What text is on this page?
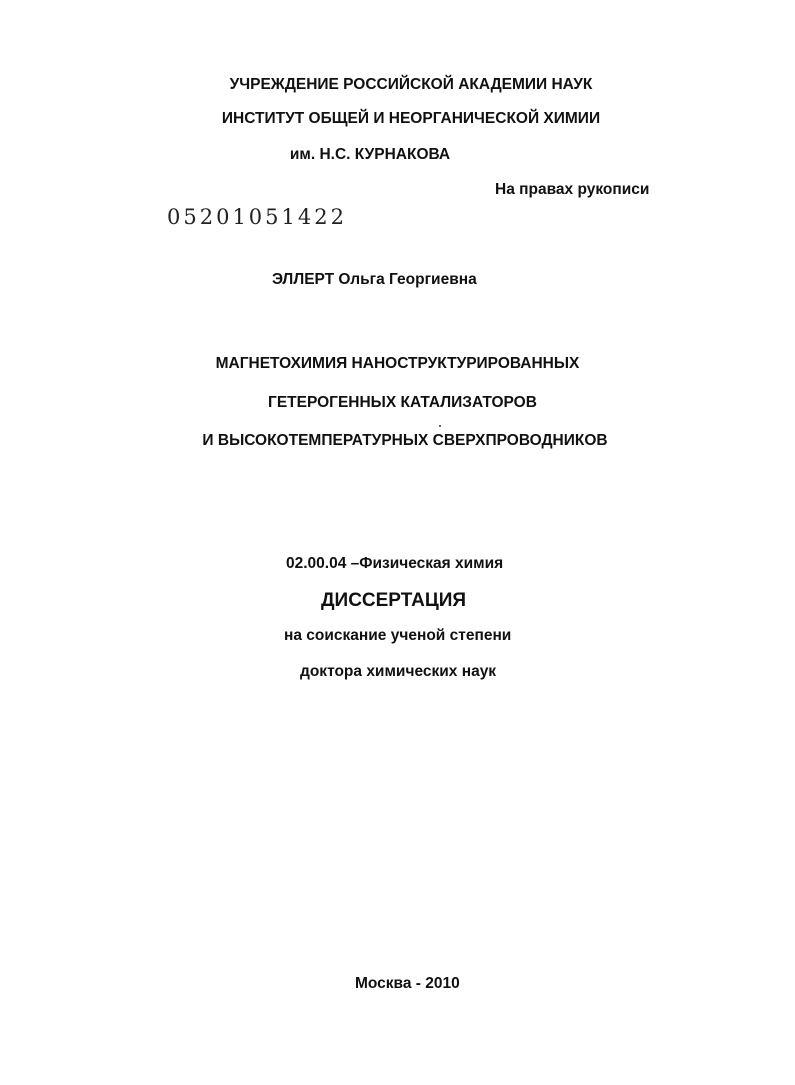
УЧРЕЖДЕНИЕ РОССИЙСКОЙ АКАДЕМИИ НАУК
ИНСТИТУТ ОБЩЕЙ И НЕОРГАНИЧЕСКОЙ ХИМИИ
им. Н.С. КУРНАКОВА
На правах рукописи
05201051422
ЭЛЛЕРТ Ольга Георгиевна
МАГНЕТОХИМИЯ НАНОСТРУКТУРИРОВАННЫХ
ГЕТЕРОГЕННЫХ КАТАЛИЗАТОРОВ
И ВЫСОКОТЕМПЕРАТУРНЫХ СВЕРХПРОВОДНИКОВ
02.00.04 –Физическая химия
ДИССЕРТАЦИЯ
на соискание ученой степени
доктора химических наук
Москва - 2010
